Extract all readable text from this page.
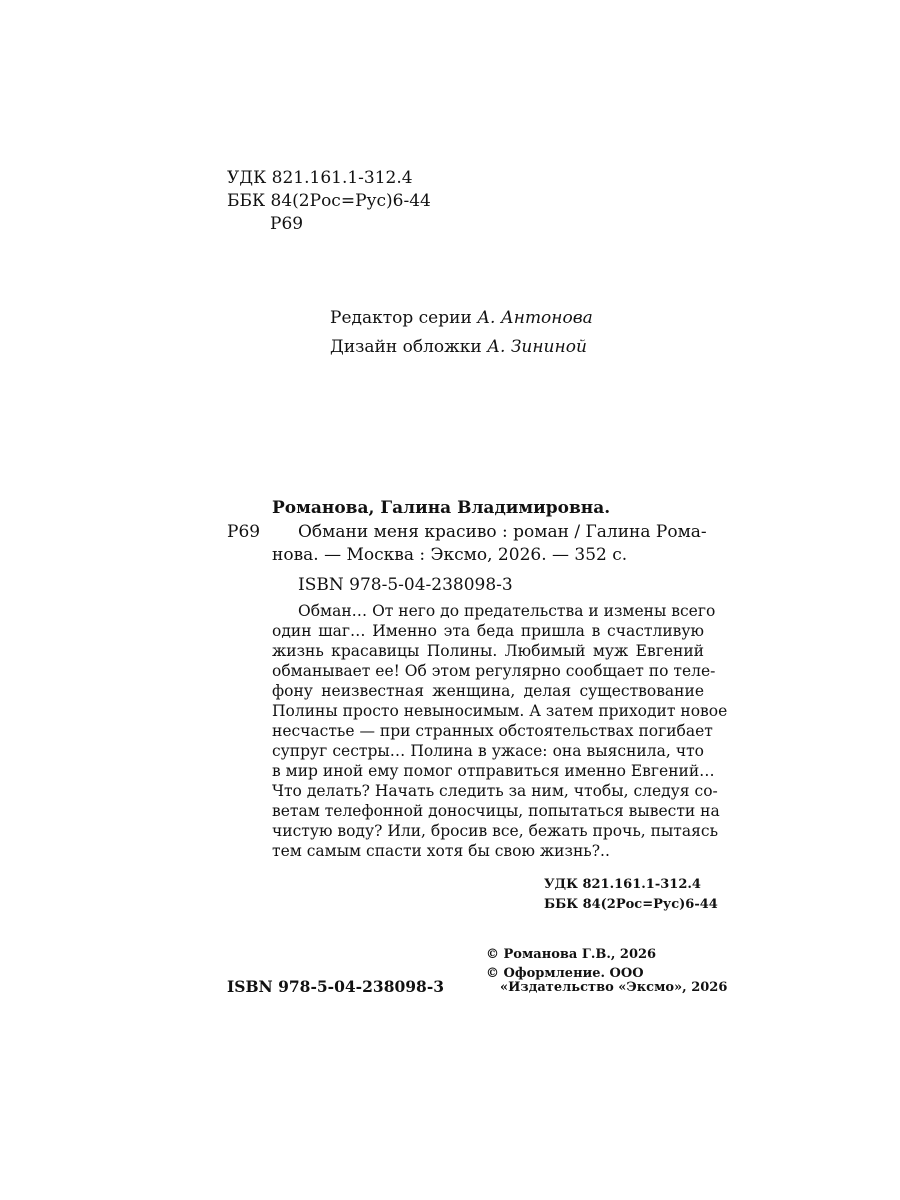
УДК 821.161.1-312.4
ББК 84(2Рос=Рус)6-44
Р69
Редактор серии А. Антонова
Дизайн обложки А. Зининой
Романова, Галина Владимировна.
Р69 Обмани меня красиво : роман / Галина Рома-
нова. — Москва : Эксмо, 2026. — 352 с.
ISBN 978-5-04-238098-3
Обман… От него до предательства и измены всего
один шаг… Именно эта беда пришла в счастливую
жизнь красавицы Полины. Любимый муж Евгений
обманывает ее! Об этом регулярно сообщает по теле-
фону неизвестная женщина, делая существование
Полины просто невыносимым. А затем приходит новое
несчастье — при странных обстоятельствах погибает
супруг сестры… Полина в ужасе: она выяснила, что
в мир иной ему помог отправиться именно Евгений…
Что делать? Начать следить за ним, чтобы, следуя со-
ветам телефонной доносчицы, попытаться вывести на
чистую воду? Или, бросив все, бежать прочь, пытаясь
тем самым спасти хотя бы свою жизнь?..
УДК 821.161.1-312.4
ББК 84(2Рос=Рус)6-44
© Романова Г.В., 2026
© Оформление. ООО
«Издательство «Эксмо», 2026
ISBN 978-5-04-238098-3
